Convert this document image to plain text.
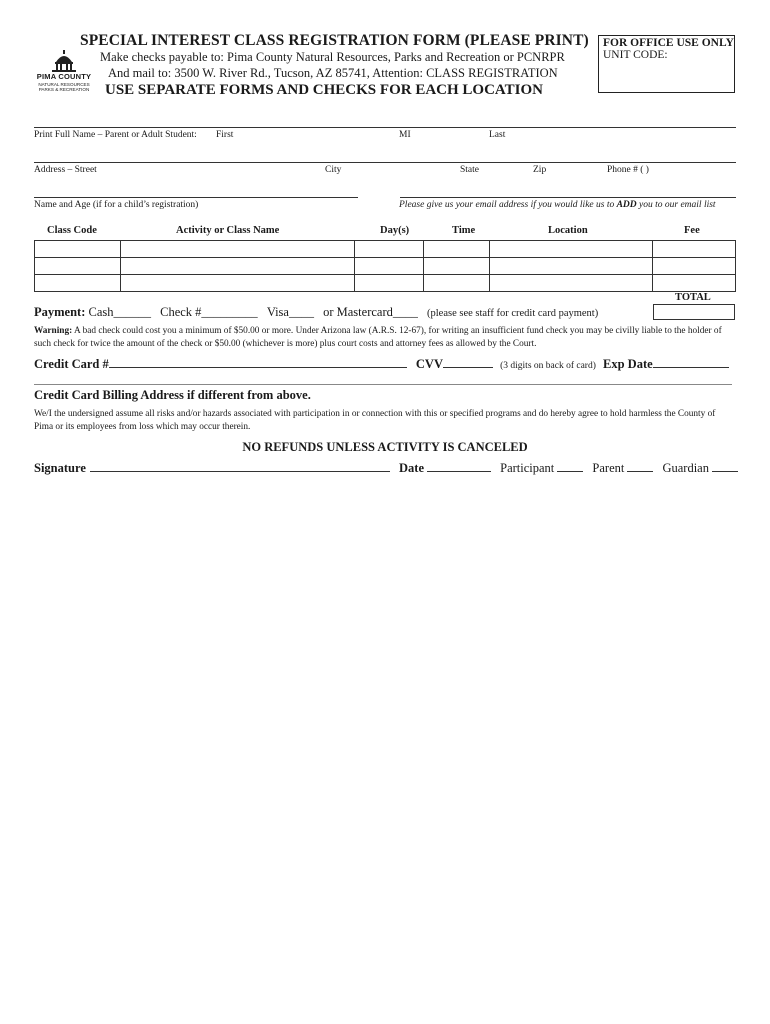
PIMA COUNTY
NATURAL RESOURCES
PARKS & RECREATION
SPECIAL INTEREST CLASS REGISTRATION FORM (PLEASE PRINT)
Make checks payable to: Pima County Natural Resources, Parks and Recreation or PCNRPR
And mail to: 3500 W. River Rd., Tucson, AZ 85741, Attention: CLASS REGISTRATION
USE SEPARATE FORMS AND CHECKS FOR EACH LOCATION
FOR OFFICE USE ONLY
UNIT CODE:
Print Full Name – Parent or Adult Student: First	MI	Last
Address – Street	City	State	Zip	Phone # ( )
Name and Age (if for a child’s registration)	Please give us your email address if you would like us to ADD you to our email list
Class Code	Activity or Class Name	Day(s)	Time	Location	Fee

TOTAL
Payment: Cash______ Check #_________ Visa____ or Mastercard____ (please see staff for credit card payment)
Warning: A bad check could cost you a minimum of $50.00 or more. Under Arizona law (A.R.S. 12-67), for writing an insufficient fund check you may be civilly liable to the holder of such check for twice the amount of the check or $50.00 (whichever is more) plus court costs and attorney fees as allowed by the Court.
Credit Card #	CVV	(3 digits on back of card) Exp Date
Credit Card Billing Address if different from above.
We/I the undersigned assume all risks and/or hazards associated with participation in or connection with this or specified programs and do hereby agree to hold harmless the County of Pima or its employees from loss which may occur therein.
NO REFUNDS UNLESS ACTIVITY IS CANCELED
Signature	Date	Participant	Parent	Guardian
